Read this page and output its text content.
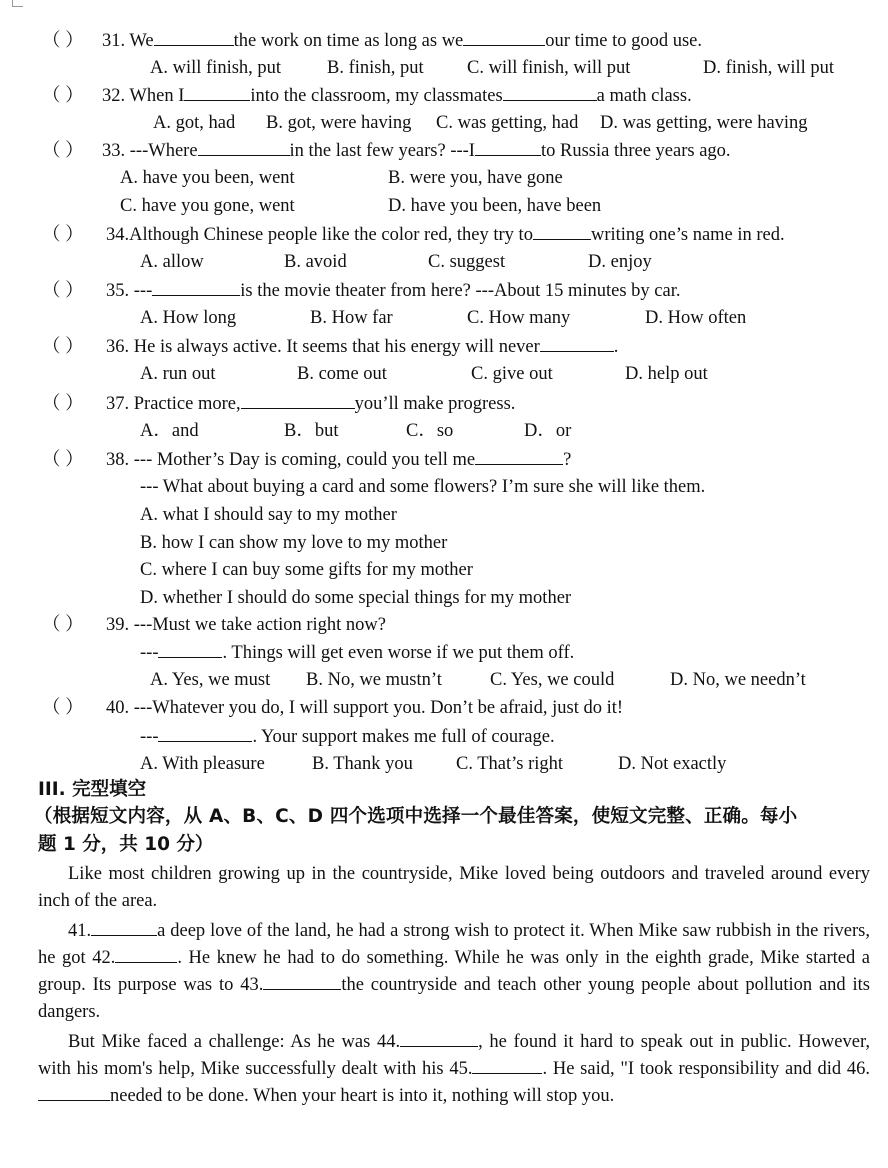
（ ） 31. We	the work on time as long as we	our time to good use.
A. will finish, put B. finish, put C. will finish, will put	D. finish, will put
（ ） 32. When I	into the classroom, my classmates	a math class.
A. got, had B. got, were having C. was getting, had D. was getting, were having
（ ） 33. ---Where	in the last few years? ---I	to Russia three years ago.
A. have you been, went	B. were you, have gone
C. have you gone, went	D. have you been, have been
（ ） 34.Although Chinese people like the color red, they try to	writing one’s name in red.
A. allow	B. avoid	C. suggest	D. enjoy
（ ） 35. ---	is the movie theater from here? ---About 15 minutes by car.
A. How long	B. How far	C. How many	D. How often
（ ） 36. He is always active. It seems that his energy will never	.
A. run out	B. come out	C. give out	D. help out
（ ） 37. Practice more,	you’ll make progress.
A．and	B．but	C．so	D．or
（ ） 38. --- Mother’s Day is coming, could you tell me	?
--- What about buying a card and some flowers? I’m sure she will like them.
A. what I should say to my mother
B. how I can show my love to my mother
C. where I can buy some gifts for my mother
D. whether I should do some special things for my mother
（ ） 39. ---Must we take action right now?
---	. Things will get even worse if we put them off.
A. Yes, we must B. No, we mustn’t	C. Yes, we could	D. No, we needn’t
（ ） 40. ---Whatever you do, I will support you. Don’t be afraid, just do it!
---	. Your support makes me full of courage.
A. With pleasure	B. Thank you C. That’s right	D. Not exactly
III. 完型填空
（根据短文内容，从 A、B、C、D 四个选项中选择一个最佳答案，使短文完整、正确。每小
题 1 分，共 10 分）
Like most children growing up in the countryside, Mike loved being outdoors and traveled around every inch of the area.
41.	a deep love of the land, he had a strong wish to protect it. When Mike saw rubbish in the rivers, he got 42.	. He knew he had to do something. While he was only in the eighth grade, Mike started a group. Its purpose was to 43.	the countryside and teach other young people about pollution and its dangers.
But Mike faced a challenge: As he was 44.	, he found it hard to speak out in public. However, with his mom's help, Mike successfully dealt with his 45.	. He said, "I took responsibility and did 46.needed to be done. When your heart is into it, nothing will stop you.
